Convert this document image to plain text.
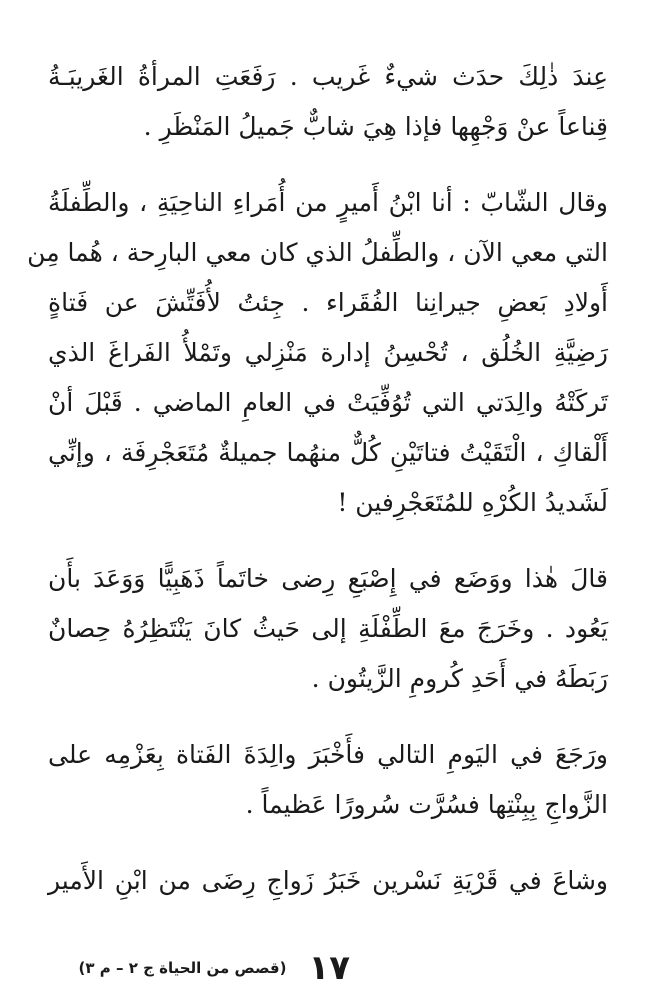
عِندَ ذٰلِكَ حدَث شيءٌ غَريب . رَفَعَتِ المرأةُ الغَريبَـةُ
قِناعاً عنْ وَجْهِها فإذا هِيَ شابٌّ جَميلُ المَنْظَرِ .
وقال الشّابّ : أنا ابْنُ أَميرٍ من أُمَراءِ الناحِيَةِ ، والطِّفلَةُ
التي معي الآن ، والطِّفلُ الذي كان معي البارِحة ، هُما مِن
أَولادِ بَعضِ جيرانِنا الفُقَراء . جِئتُ لأُفَتِّشَ عن فَتاةٍ
رَضِيَّةِ الخُلُق ، تُحْسِنُ إدارة مَنْزِلي وتَمْلأُ الفَراغَ الذي
تَركَتْهُ والِدَتي التي تُوُفِّيَتْ في العامِ الماضي . قَبْلَ أنْ
أَلْقاكِ ، الْتَقَيْتُ فتاتَيْنِ كُلٌّ منهُما جميلةٌ مُتَعَجْرِفَة ، وإنِّي
لَشَديدُ الكُرْهِ للمُتَعَجْرِفين !
قالَ هٰذا ووَضَع في إِصْبَعِ رِضى خاتَماً ذَهَبِيًّا وَوَعَدَ بأَن
يَعُود . وخَرَجَ معَ الطِّفْلَةِ إلى حَيثُ كانَ يَنْتَظِرُهُ حِصانٌ
رَبَطَهُ في أَحَدِ كُرومِ الزَّيتُون .
ورَجَعَ في اليَومِ التالي فأَخْبَرَ والِدَةَ الفَتاة بِعَزْمِه على
الزَّواجِ بِبِنْتِها فسُرَّت سُرورًا عَظيماً .
وشاعَ في قَرْيَةِ نَسْرين خَبَرُ زَواجِ رِضَى من ابْنِ الأَمير
١٧
(قصص من الحياة ج ٢ – م ٣)
